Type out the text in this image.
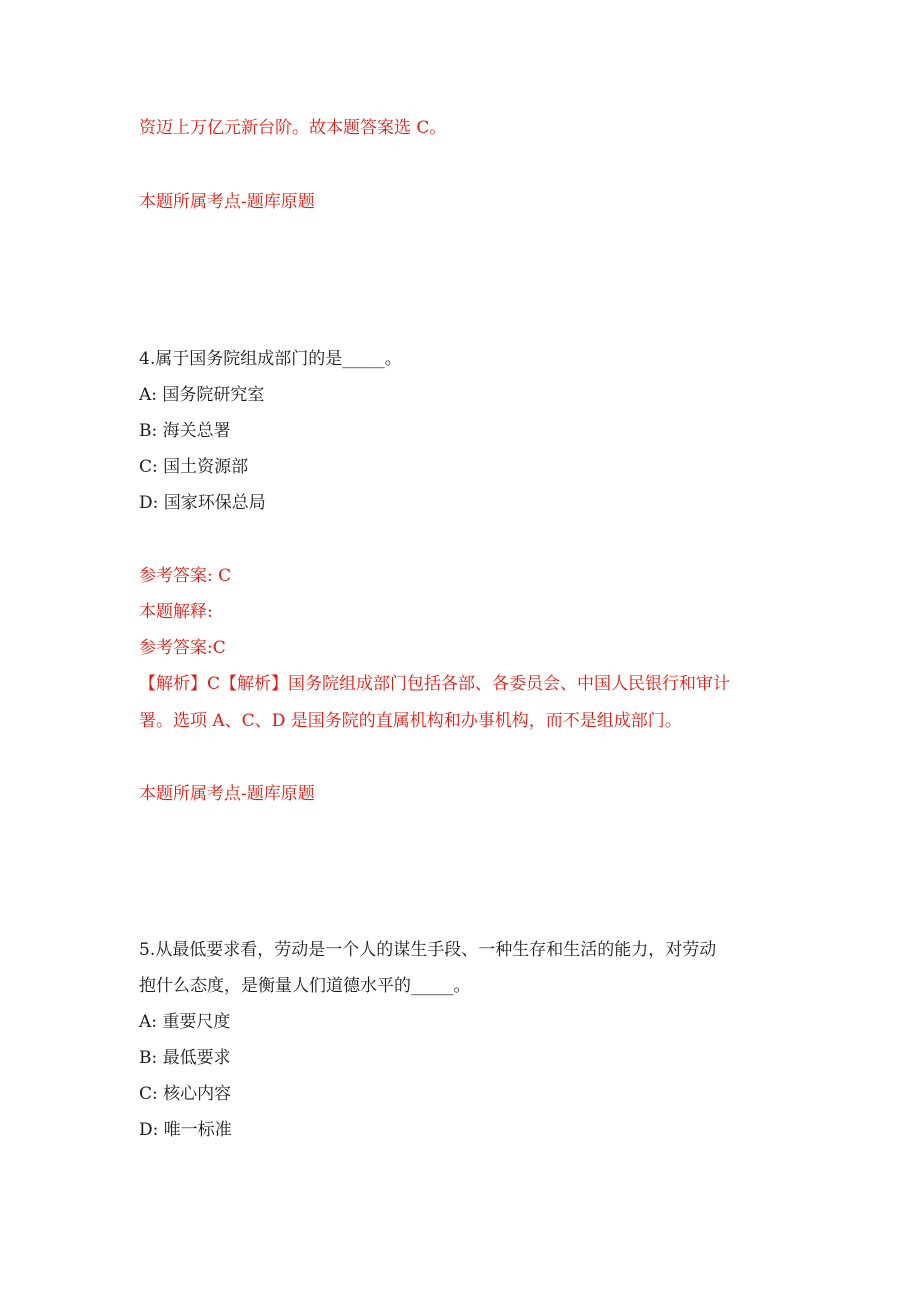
资迈上万亿元新台阶。故本题答案选 C。
本题所属考点-题库原题
4.属于国务院组成部门的是_____。
A: 国务院研究室
B: 海关总署
C: 国土资源部
D: 国家环保总局
参考答案: C
本题解释:
参考答案:C
【解析】C【解析】国务院组成部门包括各部、各委员会、中国人民银行和审计
署。选项 A、C、D 是国务院的直属机构和办事机构，而不是组成部门。
本题所属考点-题库原题
5.从最低要求看，劳动是一个人的谋生手段、一种生存和生活的能力，对劳动
抱什么态度，是衡量人们道德水平的_____。
A: 重要尺度
B: 最低要求
C: 核心内容
D: 唯一标准
